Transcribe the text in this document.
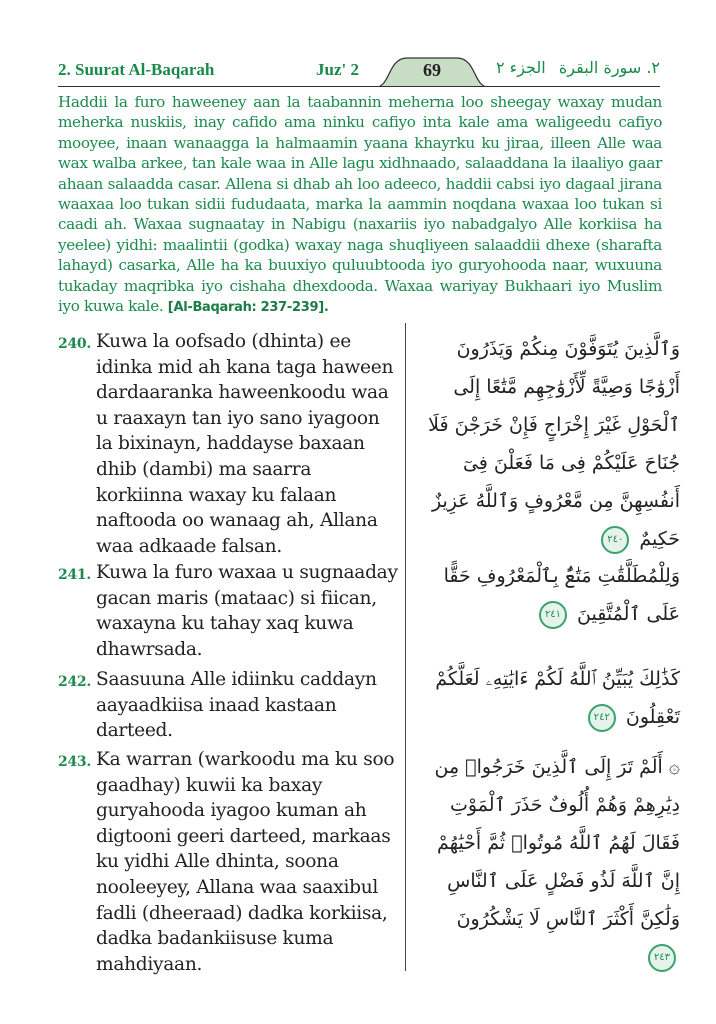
2. Suurat Al-Baqarah	Juz' 2	69	الجزء ٢ ٢. سورة البقرة
Haddii la furo haweeney aan la taabannin meherna loo sheegay waxay mudan meherka nuskiis, inay cafido ama ninku cafiyo inta kale ama waligeedu cafiyo mooyee, inaan wanaagga la halmaamin yaana khayrku ku jiraa, illeen Alle waa wax walba arkee, tan kale waa in Alle lagu xidhnaado, salaaddana la ilaaliyo gaar ahaan salaadda casar. Allena si dhab ah loo adeeco, haddii cabsi iyo dagaal jirana waaxaa loo tukan sidii fududaata, marka la aammin noqdana waxaa loo tukan si caadi ah. Waxaa sugnaatay in Nabigu (naxariis iyo nabadgalyo Alle korkiisa ha yeelee) yidhi: maalintii (godka) waxay naga shuqliyeen salaaddii dhexe (sharafta lahayd) casarka, Alle ha ka buuxiyo quluubtooda iyo guryohooda naar, wuxuuna tukaday maqribka iyo cishaha dhexdooda. Waxaa wariyay Bukhaari iyo Muslim iyo kuwa kale. [Al-Baqarah: 237-239].
240. Kuwa la oofsado (dhinta) ee idinka mid ah kana taga haween dardaaranka haweenkoodu waa u raaxayn tan iyo sano iyagoon la bixinayn, haddayse baxaan dhib (dambi) ma saarra korkiinna waxay ku falaan naftooda oo wanaag ah, Allana waa adkaade falsan.
وَٱلَّذِينَ يُتَوَفَّوْنَ مِنكُمْ وَيَذَرُونَ أَزْوَٰجًا وَصِيَّةً لِّأَزْوَٰجِهِم مَّتَٰعًا إِلَى ٱلْحَوْلِ غَيْرَ إِخْرَاجٍ فَإِنْ خَرَجْنَ فَلَا جُنَاحَ عَلَيْكُمْ فِى مَا فَعَلْنَ فِىٓ أَنفُسِهِنَّ مِن مَّعْرُوفٍ وَٱللَّهُ عَزِيزٌ حَكِيمٌ ٢٤٠
241. Kuwa la furo waxaa u sugnaaday gacan maris (mataac) si fiican, waxayna ku tahay xaq kuwa dhawrsada.
وَلِلْمُطَلَّقَٰتِ مَتَٰعٌۢ بِٱلْمَعْرُوفِ حَقًّا عَلَى ٱلْمُتَّقِينَ ٢٤١
242. Saasuuna Alle idiinku caddayn aayaadkiisa inaad kastaan darteed.
كَذَٰلِكَ يُبَيِّنُ ٱللَّهُ لَكُمْ ءَايَٰتِهِۦ لَعَلَّكُمْ تَعْقِلُونَ ٢٤٢
243. Ka warran (warkoodu ma ku soo gaadhay) kuwii ka baxay guryahooda iyagoo kuman ah digtooni geeri darteed, markaas ku yidhi Alle dhinta, soona nooleeyey, Allana waa saaxibul fadli (dheeraad) dadka korkiisa, dadka badankiisuse kuma mahdiyaan.
۞ أَلَمْ تَرَ إِلَى ٱلَّذِينَ خَرَجُوا۟ مِن دِيَٰرِهِمْ وَهُمْ أُلُوفٌ حَذَرَ ٱلْمَوْتِ فَقَالَ لَهُمُ ٱللَّهُ مُوتُوا۟ ثُمَّ أَحْيَٰهُمْ إِنَّ ٱللَّهَ لَذُو فَضْلٍ عَلَى ٱلنَّاسِ وَلَٰكِنَّ أَكْثَرَ ٱلنَّاسِ لَا يَشْكُرُونَ ٢٤٣
